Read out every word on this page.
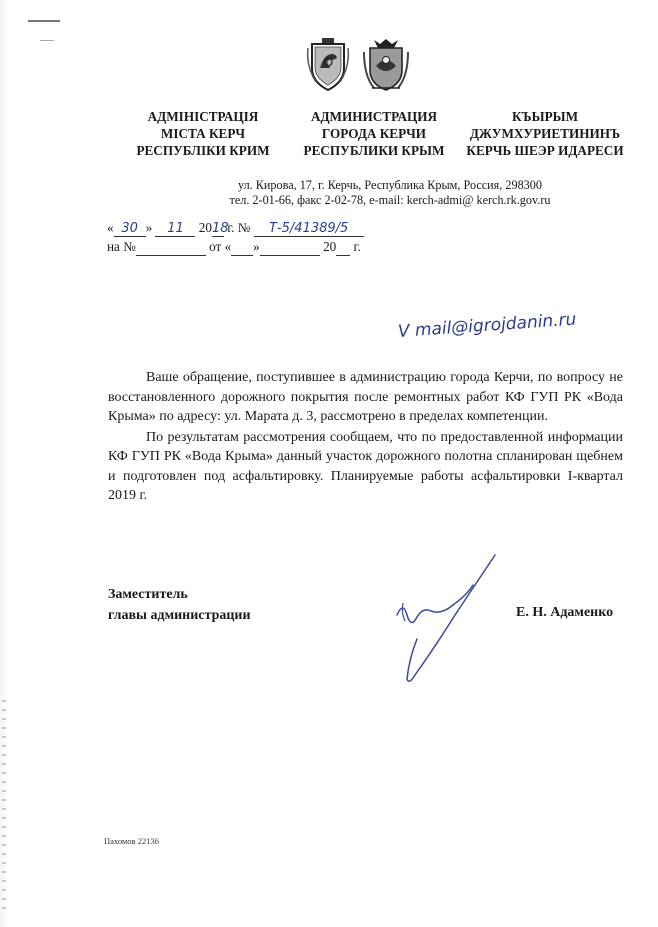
АДМІНІСТРАЦІЯ
МІСТА КЕРЧ
РЕСПУБЛІКИ КРИМ
АДМИНИСТРАЦИЯ
ГОРОДА КЕРЧИ
РЕСПУБЛИКИ КРЫМ
КЪЫРЫМ
ДЖУМХУРИЕТИНИНЪ
КЕРЧЬ ШЕЭР ИДАРЕСИ
ул. Кирова, 17, г. Керчь, Республика Крым, Россия, 298300
тел. 2-01-66, факс 2-02-78, e-mail: kerch-admi@ kerch.rk.gov.ru
« 30 » 11 2018 г. № Т-5/41389/5
на №	от « »	20 г.
V mail@igrojdanin.ru

Ваше обращение, поступившее в администрацию города Керчи, по вопросу не восстановленного дорожного покрытия после ремонтных работ КФ ГУП РК «Вода Крыма» по адресу: ул. Марата д. 3, рассмотрено в пределах компетенции.

По результатам рассмотрения сообщаем, что по предоставленной информации КФ ГУП РК «Вода Крыма» данный участок дорожного полотна спланирован щебнем и подготовлен под асфальтировку. Планируемые работы асфальтировки I-квартал 2019 г.

Заместитель
главы администрации	Е. Н. Адаменко
Пахомов 22136
